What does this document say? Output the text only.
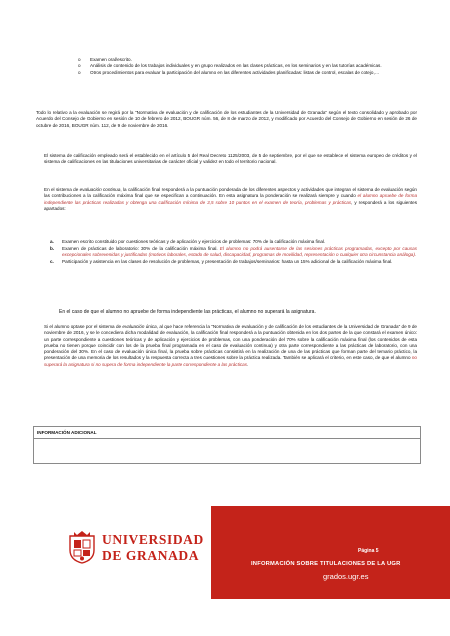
o	Examen oral/escrito.

o	Análisis de contenido de los trabajos individuales y en grupo realizados en las clases prácticas, en los seminarios y en las tutorías académicas.

o	Otros procedimientos para evaluar la participación del alumno en las diferentes actividades planificadas: listas de control, escalas de cotejo,…

Todo lo relativo a la evaluación se regirá por la "Normativa de evaluación y de calificación de los estudiantes de la Universidad de Granada" según el texto consolidado y aprobado por Acuerdo del Consejo de Gobierno en sesión de 10 de febrero de 2012, BOUGR núm. 56, de 8 de marzo de 2012, y modificado por Acuerdo del Consejo de Gobierno en sesión de 26 de octubre de 2016, BOUGR núm. 112, de 9 de noviembre de 2016.

El sistema de calificación empleado será el establecido en el artículo 5 del Real Decreto 1125/2003, de 5 de septiembre, por el que se establece el sistema europeo de créditos y el sistema de calificaciones en las titulaciones universitarias de carácter oficial y validez en todo el territorio nacional.

En el sistema de evaluación continua, la calificación final responderá a la puntuación ponderada de los diferentes aspectos y actividades que integran el sistema de evaluación según las contribuciones a la calificación máxima final que se especifican a continuación. En esta asignatura la ponderación se realizará siempre y cuando el alumno apruebe de forma independiente las prácticas realizadas y obtenga una calificación mínima de 3,5 sobre 10 puntos en el examen de teoría, problemas y prácticas, y responderá a los siguientes apartados:

a.	Examen escrito constituido por cuestiones teóricas y de aplicación y ejercicios de problemas: 70% de la calificación máxima final.

b.	Examen de prácticas de laboratorio: 30% de la calificación máxima final. El alumno no podrá ausentarse de las sesiones prácticas programadas, excepto por causas excepcionales sobrevenidas y justificadas (motivos laborales, estado de salud, discapacidad, programas de movilidad, representación o cualquier otra circunstancia análoga).

c.	Participación y asistencia en las clases de resolución de problemas, y presentación de trabajos/seminarios: hasta un 15% adicional de la calificación máxima final.

En el caso de que el alumno no apruebe de forma independiente las prácticas, el alumno no superará la asignatura.

Si el alumno optase por el sistema de evaluación única, al que hace referencia la "Normativa de evaluación y de calificación de los estudiantes de la Universidad de Granada" de 9 de noviembre de 2016, y se le concediera dicha modalidad de evaluación, la calificación final responderá a la puntuación obtenida en los dos partes de la que constará el examen único: un parte correspondiente a cuestiones teóricas y de aplicación y ejercicios de problemas, con una ponderación del 70% sobre la calificación máxima final (los contenidos de esta prueba no tienen porque coincidir con los de la prueba final programada en el caso de evaluación continua) y otra parte correspondiente a las prácticas de laboratorio, con una ponderación del 30%. En el caso de evaluación única final, la prueba sobre prácticas consistirá en la realización de una de las prácticas que forman parte del temario práctico, la presentación de una memoria de los resultados y la respuesta correcta a tres cuestiones sobre la práctica realizada. También se aplicará el criterio, en este caso, de que el alumno no superará la asignatura si no supera de forma independiente la parte correspondiente a las prácticas.

INFORMACIÓN ADICIONAL
UNIVERSIDAD
DE GRANADA	Página 5
INFORMACIÓN SOBRE TITULACIONES DE LA UGR
grados.ugr.es
